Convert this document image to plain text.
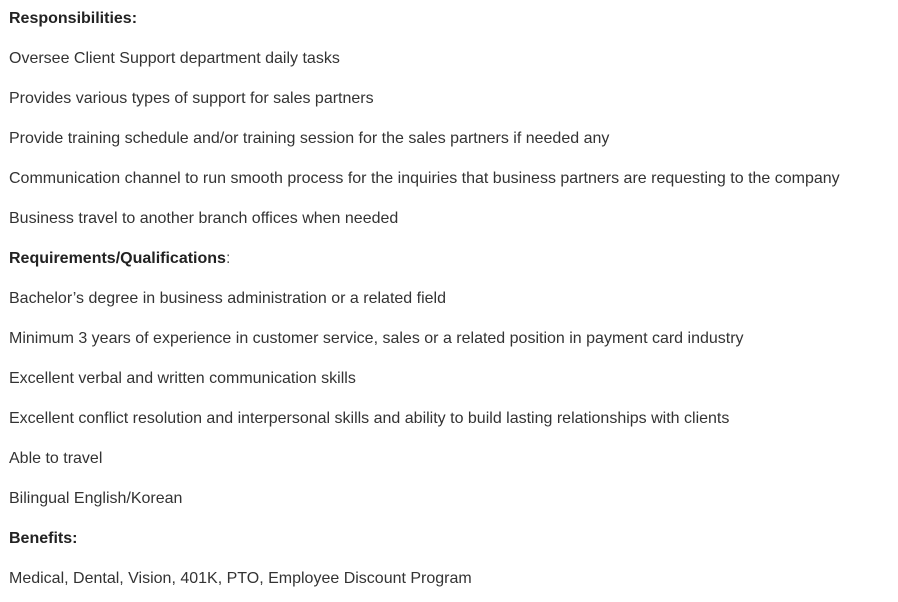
Responsibilities:
Oversee Client Support department daily tasks
Provides various types of support for sales partners
Provide training schedule and/or training session for the sales partners if needed any
Communication channel to run smooth process for the inquiries that business partners are requesting to the company
Business travel to another branch offices when needed
Requirements/Qualifications:
Bachelor’s degree in business administration or a related field
Minimum 3 years of experience in customer service, sales or a related position in payment card industry
Excellent verbal and written communication skills
Excellent conflict resolution and interpersonal skills and ability to build lasting relationships with clients
Able to travel
Bilingual English/Korean
Benefits:
Medical, Dental, Vision, 401K, PTO, Employee Discount Program
